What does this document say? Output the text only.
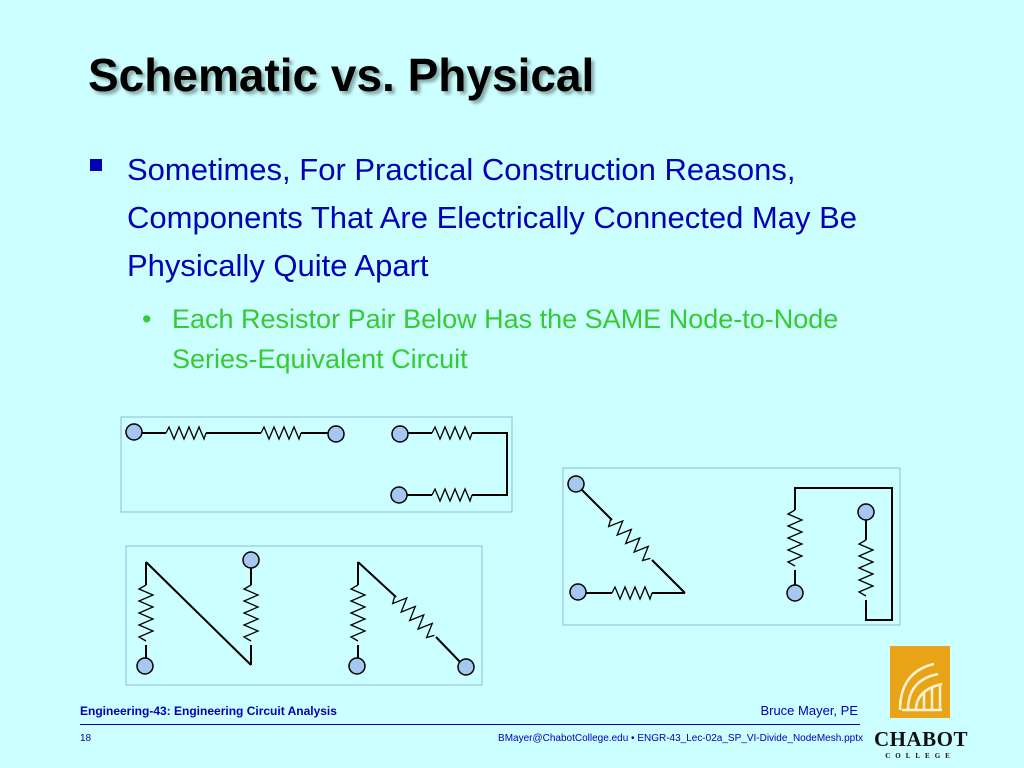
Schematic vs. Physical
Sometimes, For Practical Construction Reasons, Components That Are Electrically Connected May Be Physically Quite Apart
• Each Resistor Pair Below Has the SAME Node-to-Node Series-Equivalent Circuit
Engineering-43: Engineering Circuit Analysis	Bruce Mayer, PE
18	BMayer@ChabotCollege.edu • ENGR-43_Lec-02a_SP_VI-Divide_NodeMesh.pptx CHABOT
COLLEGE
